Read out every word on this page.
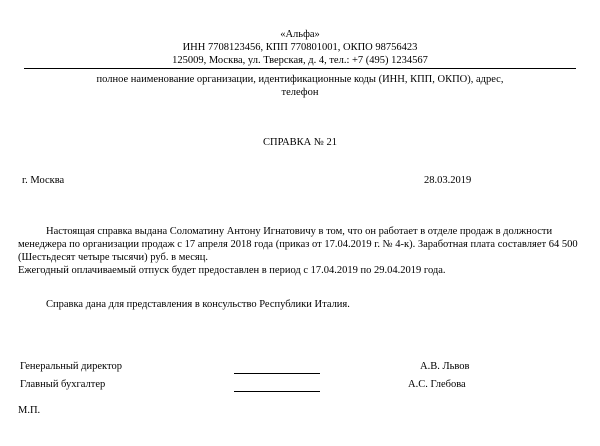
«Альфа»
ИНН 7708123456, КПП 770801001, ОКПО 98756423
125009, Москва, ул. Тверская, д. 4, тел.: +7 (495) 1234567
полное наименование организации, идентификационные коды (ИНН, КПП, ОКПО), адрес,
телефон
СПРАВКА № 21
г. Москва	28.03.2019
Настоящая справка выдана Соломатину Антону Игнатовичу в том, что он работает в отделе продаж в должности менеджера по организации продаж с 17 апреля 2018 года (приказ от 17.04.2019 г. № 4-к). Заработная плата составляет 64 500 (Шестьдесят четыре тысячи) руб. в месяц.
Ежегодный оплачиваемый отпуск будет предоставлен в период с 17.04.2019 по 29.04.2019 года.
Справка дана для представления в консульство Республики Италия.
Генеральный директор	А.В. Львов
Главный бухгалтер	А.С. Глебова
М.П.
